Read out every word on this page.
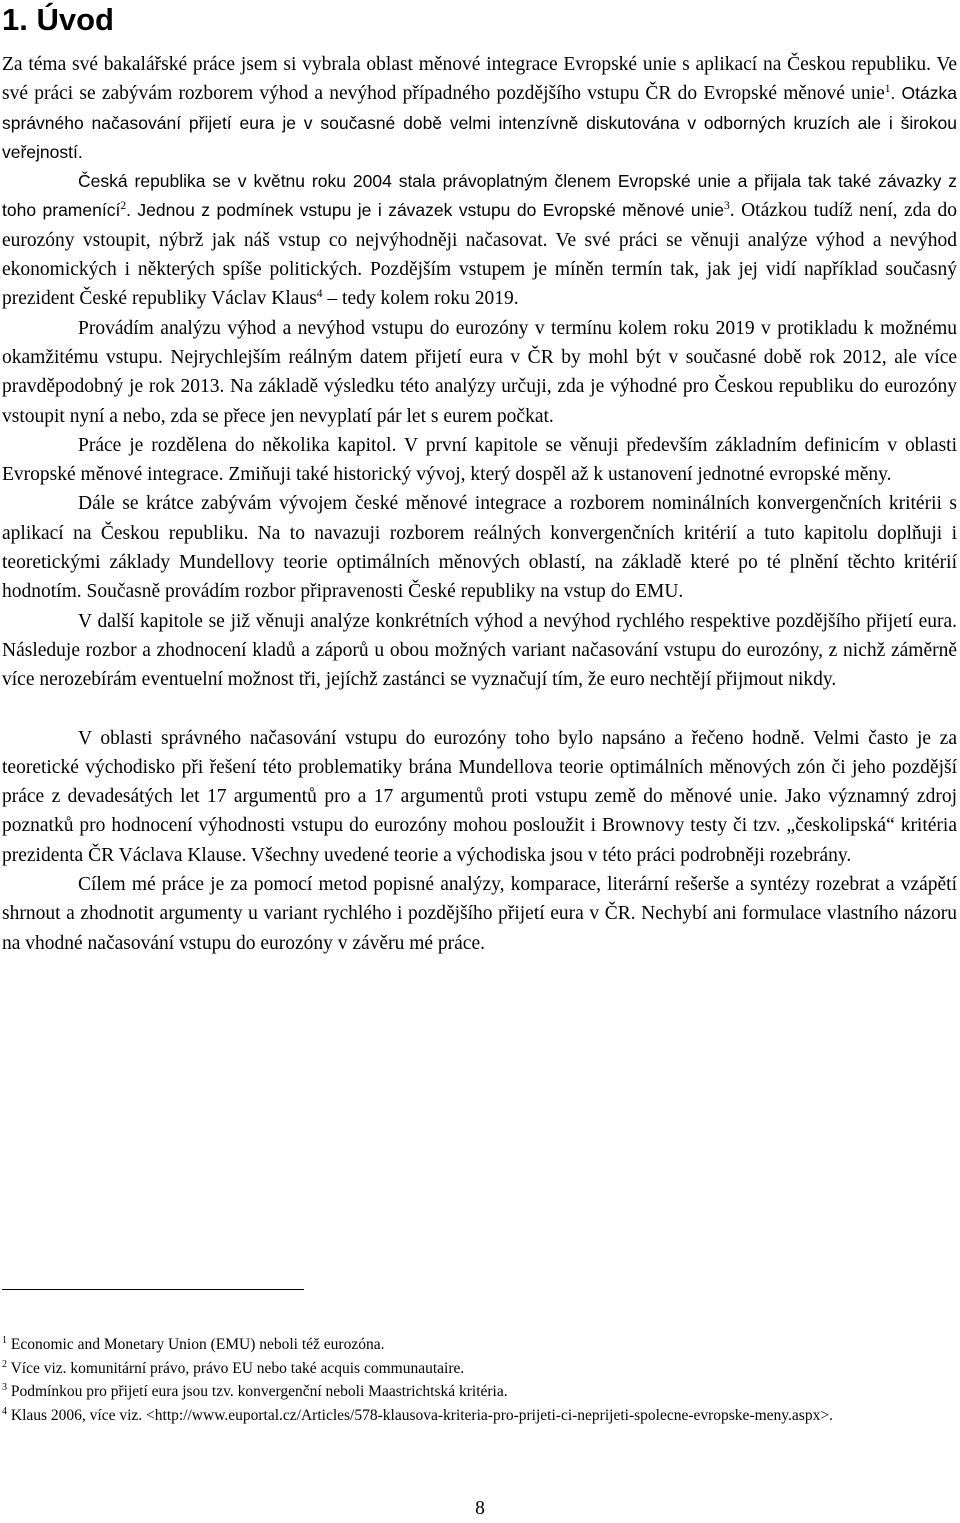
1. Úvod

Za téma své bakalářské práce jsem si vybrala oblast měnové integrace Evropské unie s aplikací na Českou republiku. Ve své práci se zabývám rozborem výhod a nevýhod případného pozdějšího vstupu ČR do Evropské měnové unie$^1$. Otázka správného načasování přijetí eura je v současné době velmi intenzívně diskutována v odborných kruzích ale i širokou veřejností.

Česká republika se v květnu roku 2004 stala právoplatným členem Evropské unie a přijala tak také závazky z toho pramenící$^2$. Jednou z podmínek vstupu je i závazek vstupu do Evropské měnové unie$^3$. Otázkou tudíž není, zda do eurozóny vstoupit, nýbrž jak náš vstup co nejvýhodněji načasovat. Ve své práci se věnuji analýze výhod a nevýhod ekonomických i některých spíše politických. Pozdějším vstupem je míněn termín tak, jak jej vidí například současný prezident České republiky Václav Klaus$^4$ – tedy kolem roku 2019.

Provádím analýzu výhod a nevýhod vstupu do eurozóny v termínu kolem roku 2019 v protikladu k možnému okamžitému vstupu. Nejrychlejším reálným datem přijetí eura v ČR by mohl být v současné době rok 2012, ale více pravděpodobný je rok 2013. Na základě výsledku této analýzy určuji, zda je výhodné pro Českou republiku do eurozóny vstoupit nyní a nebo, zda se přece jen nevyplatí pár let s eurem počkat.

Práce je rozdělena do několika kapitol. V první kapitole se věnuji především základním definicím v oblasti Evropské měnové integrace. Zmiňuji také historický vývoj, který dospěl až k ustanovení jednotné evropské měny.

Dále se krátce zabývám vývojem české měnové integrace a rozborem nominálních konvergenčních kritérii s aplikací na Českou republiku. Na to navazuji rozborem reálných konvergenčních kritérií a tuto kapitolu doplňuji i teoretickými základy Mundellovy teorie optimálních měnových oblastí, na základě které po té plnění těchto kritérií hodnotím. Současně provádím rozbor připravenosti České republiky na vstup do EMU.

V další kapitole se již věnuji analýze konkrétních výhod a nevýhod rychlého respektive pozdějšího přijetí eura. Následuje rozbor a zhodnocení kladů a záporů u obou možných variant načasování vstupu do eurozóny, z nichž záměrně více nerozebírám eventuelní možnost tři, jejíchž zastánci se vyznačují tím, že euro nechtějí přijmout nikdy.

V oblasti správného načasování vstupu do eurozóny toho bylo napsáno a řečeno hodně. Velmi často je za teoretické východisko při řešení této problematiky brána Mundellova teorie optimálních měnových zón či jeho pozdější práce z devadesátých let 17 argumentů pro a 17 argumentů proti vstupu země do měnové unie. Jako významný zdroj poznatků pro hodnocení výhodnosti vstupu do eurozóny mohou posloužit i Brownovy testy či tzv. „českolipská“ kritéria prezidenta ČR Václava Klause. Všechny uvedené teorie a východiska jsou v této práci podrobněji rozebrány.

Cílem mé práce je za pomocí metod popisné analýzy, komparace, literární rešerše a syntézy rozebrat a vzápětí shrnout a zhodnotit argumenty u variant rychlého i pozdějšího přijetí eura v ČR. Nechybí ani formulace vlastního názoru na vhodné načasování vstupu do eurozóny v závěru mé práce.

$^1$ Economic and Monetary Union (EMU) neboli též eurozóna.

$^2$ Více viz. komunitární právo, právo EU nebo také acquis communautaire.

$^3$ Podmínkou pro přijetí eura jsou tzv. konvergenční neboli Maastrichtská kritéria.

$^4$ Klaus 2006, více viz. <http://www.euportal.cz/Articles/578-klausova-kriteria-pro-prijeti-ci-neprijeti-spolecne-evropske-meny.aspx>.

8
